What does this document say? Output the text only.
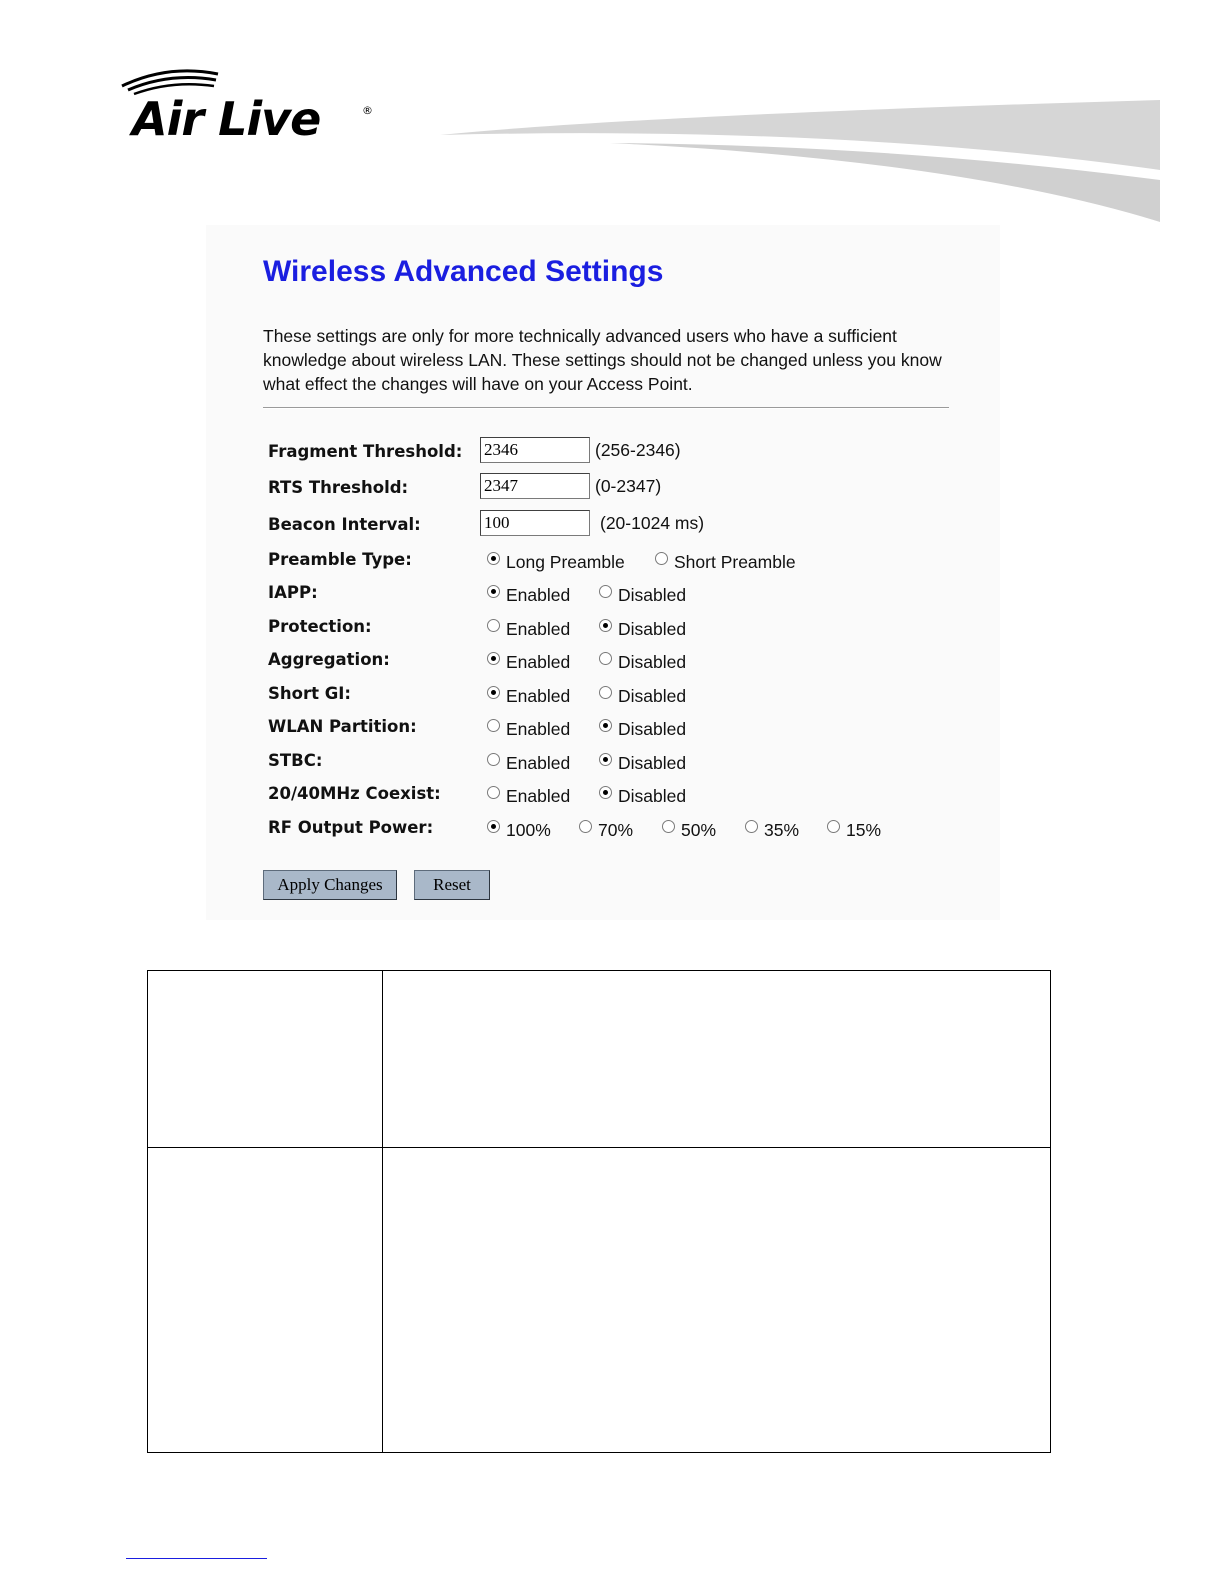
Air Live	®
Wireless Advanced Settings
These settings are only for more technically advanced users who have a sufficient knowledge about wireless LAN. These settings should not be changed unless you know what effect the changes will have on your Access Point.
Fragment Threshold:
2346	(256-2346)
RTS Threshold:
2347	(0-2347)
Beacon Interval:
100	(20-1024 ms)
Preamble Type:	Long Preamble	Short Preamble
IAPP:	Enabled	Disabled
Protection:	Enabled	Disabled
Aggregation:	Enabled	Disabled
Short GI:	Enabled	Disabled
WLAN Partition:	Enabled	Disabled
STBC:	Enabled	Disabled
20/40MHz Coexist:	Enabled	Disabled
RF Output Power:	100%	70%	50%	35%	15%
Apply Changes	Reset
